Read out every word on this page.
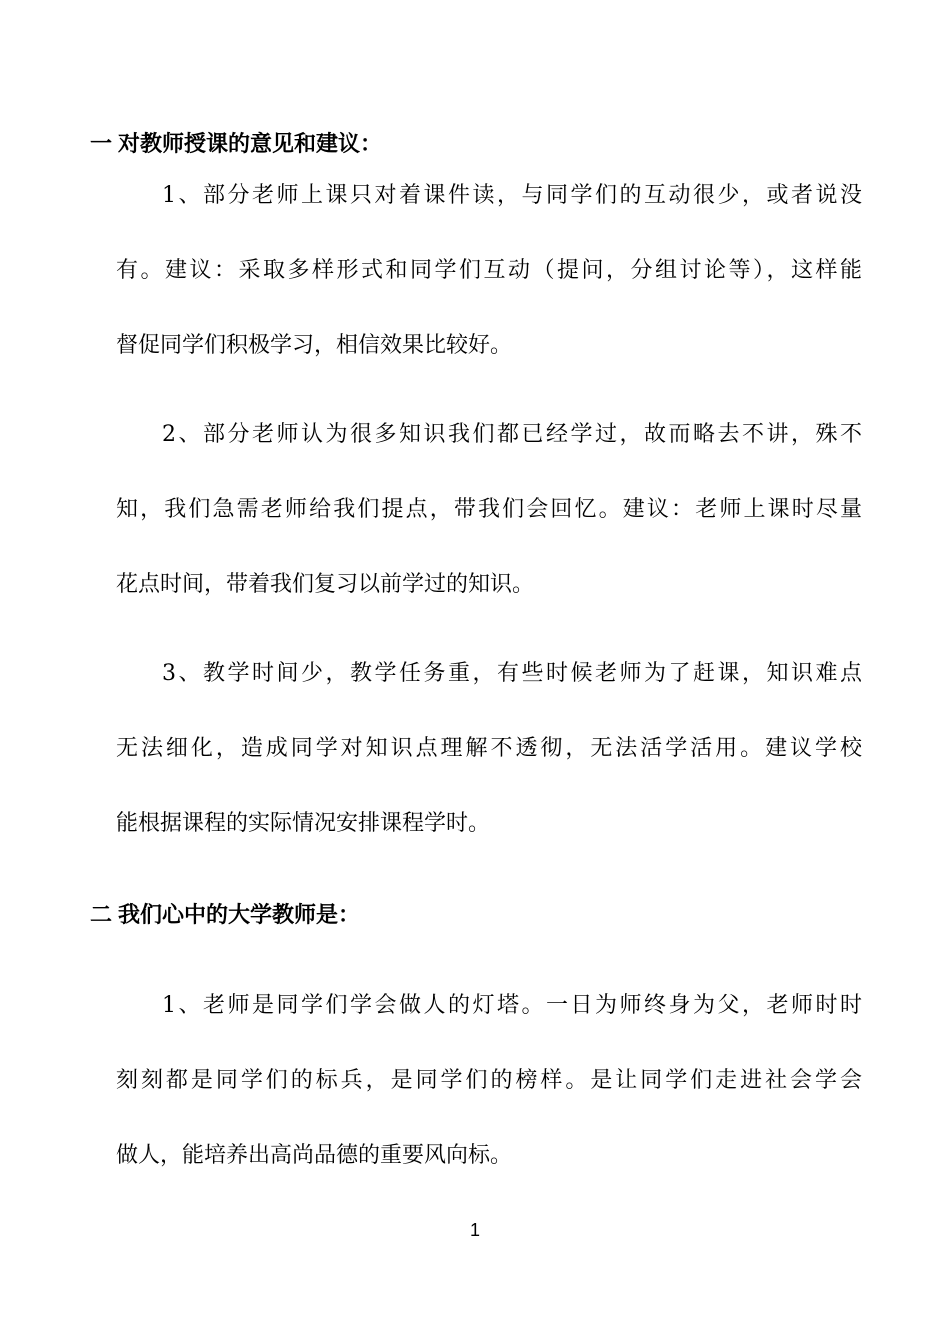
一 对教师授课的意见和建议：

1、部分老师上课只对着课件读，与同学们的互动很少，或者说没

有。建议：采取多样形式和同学们互动（提问，分组讨论等），这样能

督促同学们积极学习，相信效果比较好。

2、部分老师认为很多知识我们都已经学过，故而略去不讲，殊不

知，我们急需老师给我们提点，带我们会回忆。建议：老师上课时尽量

花点时间，带着我们复习以前学过的知识。

3、教学时间少，教学任务重，有些时候老师为了赶课，知识难点

无法细化，造成同学对知识点理解不透彻，无法活学活用。建议学校

能根据课程的实际情况安排课程学时。

二 我们心中的大学教师是：

1、老师是同学们学会做人的灯塔。一日为师终身为父，老师时时

刻刻都是同学们的标兵，是同学们的榜样。是让同学们走进社会学会

做人，能培养出高尚品德的重要风向标。

1
